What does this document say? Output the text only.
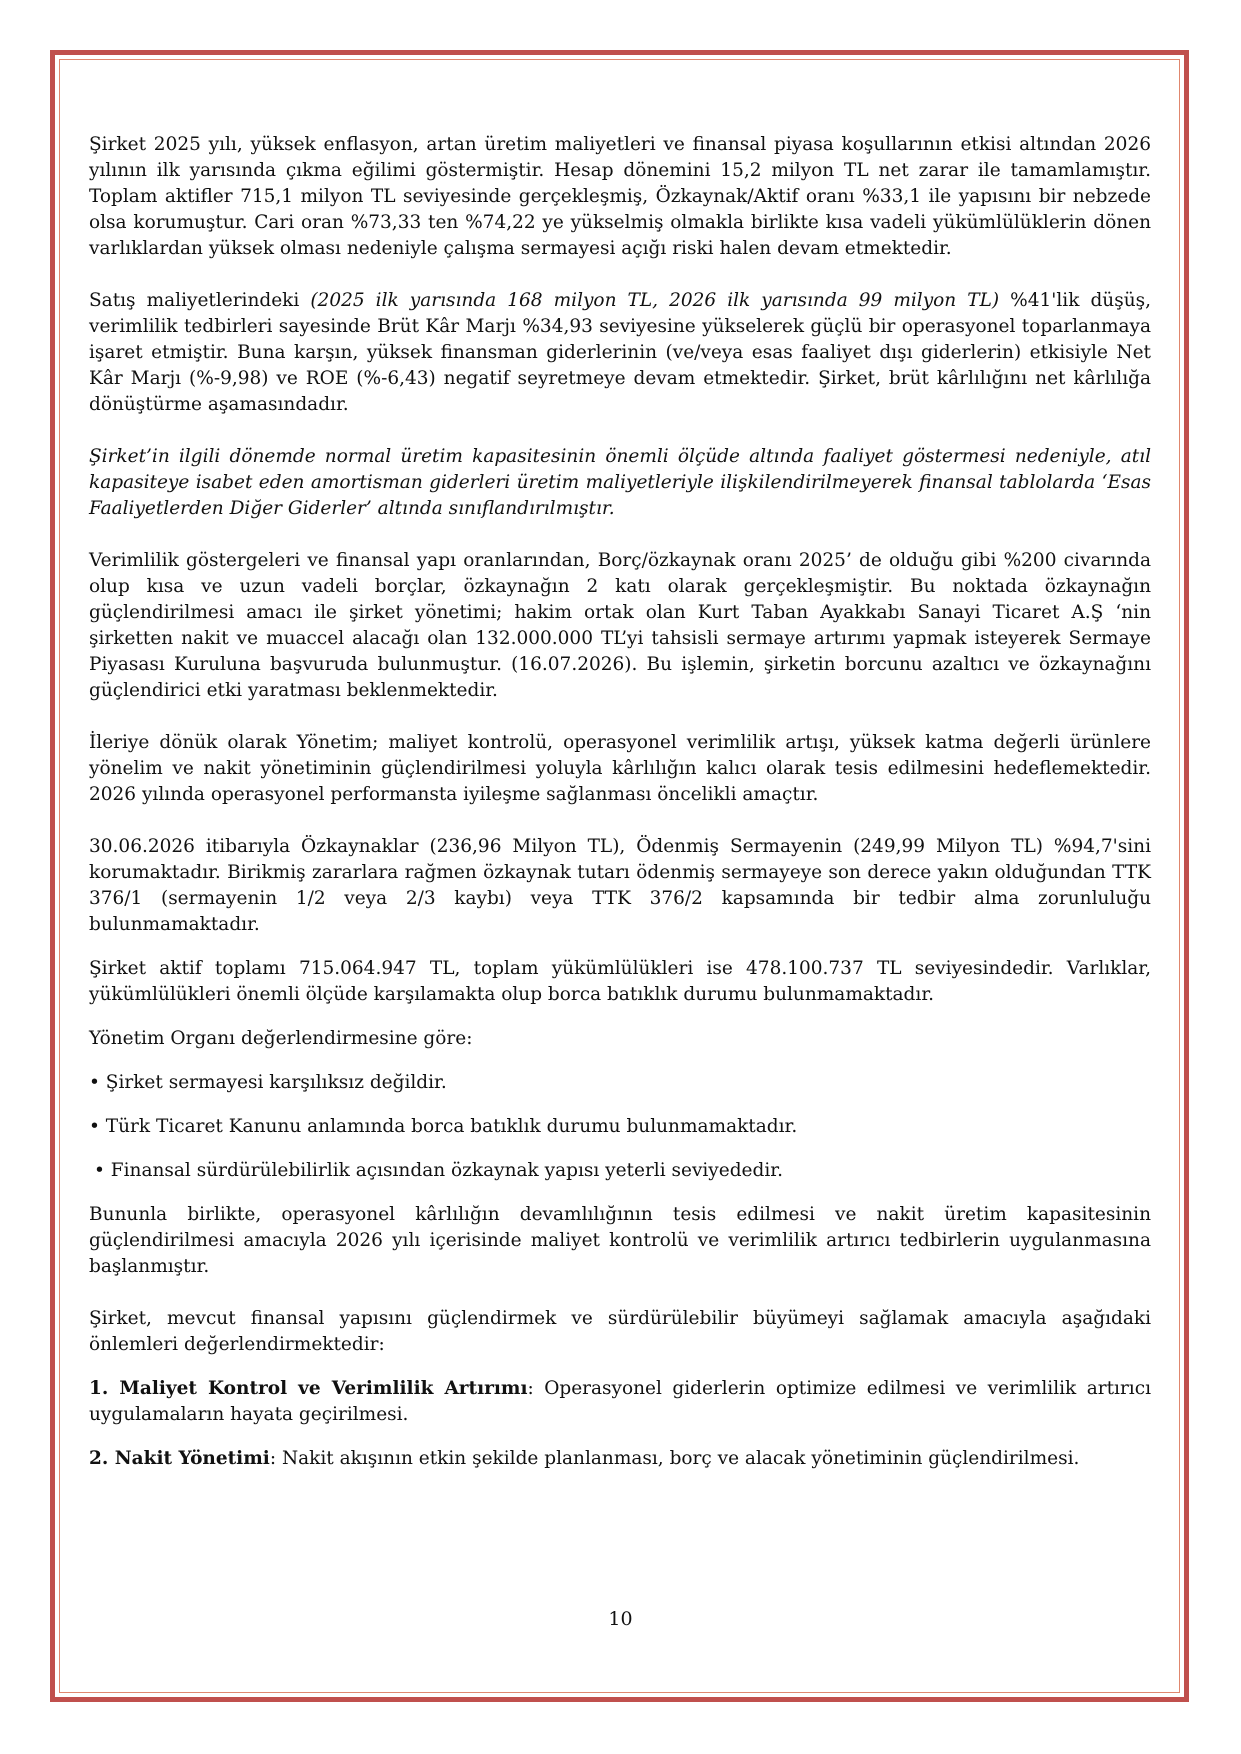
Şirket 2025 yılı, yüksek enflasyon, artan üretim maliyetleri ve finansal piyasa koşullarının etkisi altından 2026 yılının ilk yarısında çıkma eğilimi göstermiştir. Hesap dönemini 15,2 milyon TL net zarar ile tamamlamıştır. Toplam aktifler 715,1 milyon TL seviyesinde gerçekleşmiş, Özkaynak/Aktif oranı %33,1 ile yapısını bir nebzede olsa korumuştur. Cari oran %73,33 ten %74,22 ye yükselmiş olmakla birlikte kısa vadeli yükümlülüklerin dönen varlıklardan yüksek olması nedeniyle çalışma sermayesi açığı riski halen devam etmektedir.

Satış maliyetlerindeki (2025 ilk yarısında 168 milyon TL, 2026 ilk yarısında 99 milyon TL) %41'lik düşüş, verimlilik tedbirleri sayesinde Brüt Kâr Marjı %34,93 seviyesine yükselerek güçlü bir operasyonel toparlanmaya işaret etmiştir. Buna karşın, yüksek finansman giderlerinin (ve/veya esas faaliyet dışı giderlerin) etkisiyle Net Kâr Marjı (%-9,98) ve ROE (%-6,43) negatif seyretmeye devam etmektedir. Şirket, brüt kârlılığını net kârlılığa dönüştürme aşamasındadır.

Şirket’in ilgili dönemde normal üretim kapasitesinin önemli ölçüde altında faaliyet göstermesi nedeniyle, atıl kapasiteye isabet eden amortisman giderleri üretim maliyetleriyle ilişkilendirilmeyerek finansal tablolarda ‘Esas Faaliyetlerden Diğer Giderler’ altında sınıflandırılmıştır.

Verimlilik göstergeleri ve finansal yapı oranlarından, Borç/özkaynak oranı 2025’ de olduğu gibi %200 civarında olup kısa ve uzun vadeli borçlar, özkaynağın 2 katı olarak gerçekleşmiştir. Bu noktada özkaynağın güçlendirilmesi amacı ile şirket yönetimi; hakim ortak olan Kurt Taban Ayakkabı Sanayi Ticaret A.Ş ‘nin şirketten nakit ve muaccel alacağı olan 132.000.000 TL’yi tahsisli sermaye artırımı yapmak isteyerek Sermaye Piyasası Kuruluna başvuruda bulunmuştur. (16.07.2026). Bu işlemin, şirketin borcunu azaltıcı ve özkaynağını güçlendirici etki yaratması beklenmektedir.

İleriye dönük olarak Yönetim; maliyet kontrolü, operasyonel verimlilik artışı, yüksek katma değerli ürünlere yönelim ve nakit yönetiminin güçlendirilmesi yoluyla kârlılığın kalıcı olarak tesis edilmesini hedeflemektedir. 2026 yılında operasyonel performansta iyileşme sağlanması öncelikli amaçtır.

30.06.2026 itibarıyla Özkaynaklar (236,96 Milyon TL), Ödenmiş Sermayenin (249,99 Milyon TL) %94,7'sini korumaktadır. Birikmiş zararlara rağmen özkaynak tutarı ödenmiş sermayeye son derece yakın olduğundan TTK 376/1 (sermayenin 1/2 veya 2/3 kaybı) veya TTK 376/2 kapsamında bir tedbir alma zorunluluğu bulunmamaktadır.

Şirket aktif toplamı 715.064.947 TL, toplam yükümlülükleri ise 478.100.737 TL seviyesindedir. Varlıklar, yükümlülükleri önemli ölçüde karşılamakta olup borca batıklık durumu bulunmamaktadır.

Yönetim Organı değerlendirmesine göre:

• Şirket sermayesi karşılıksız değildir.

• Türk Ticaret Kanunu anlamında borca batıklık durumu bulunmamaktadır.

• Finansal sürdürülebilirlik açısından özkaynak yapısı yeterli seviyededir.

Bununla birlikte, operasyonel kârlılığın devamlılığının tesis edilmesi ve nakit üretim kapasitesinin güçlendirilmesi amacıyla 2026 yılı içerisinde maliyet kontrolü ve verimlilik artırıcı tedbirlerin uygulanmasına başlanmıştır.

Şirket, mevcut finansal yapısını güçlendirmek ve sürdürülebilir büyümeyi sağlamak amacıyla aşağıdaki önlemleri değerlendirmektedir:

1. Maliyet Kontrol ve Verimlilik Artırımı: Operasyonel giderlerin optimize edilmesi ve verimlilik artırıcı uygulamaların hayata geçirilmesi.

2. Nakit Yönetimi: Nakit akışının etkin şekilde planlanması, borç ve alacak yönetiminin güçlendirilmesi.

10
